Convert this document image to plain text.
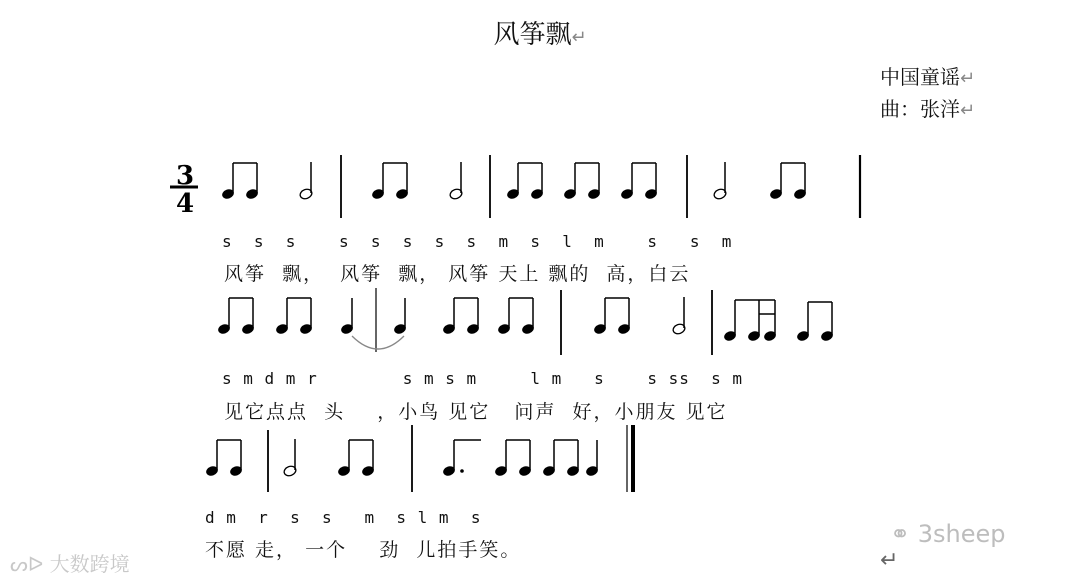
风筝飘↵
中国童谣↵
曲：张洋↵
3
4
s  s  s    s  s  s  s  s  m  s  l  m    s   s  m
风筝  飘，  风筝  飘， 风筝 天上 飘的  高，白云
s m d m r        s m s m     l m   s    s ss  s m
见它点点  头    ，小鸟 见它   问声  好，小朋友 见它
d m  r  s  s   m  s l m  s
不愿 走， 一个    劲  儿拍手笑。
ᔕᐅ 大数跨境
⚭ 3sheep
↵
